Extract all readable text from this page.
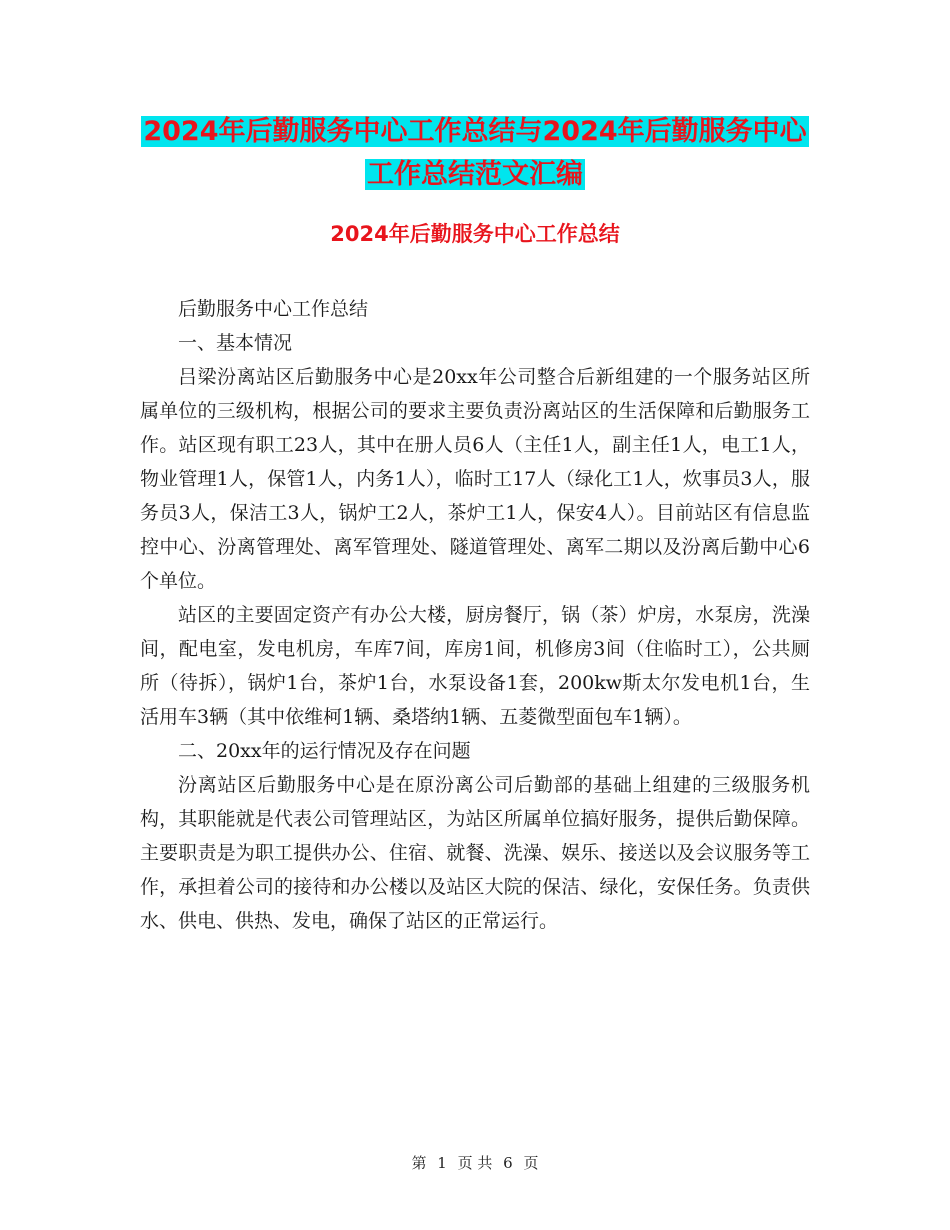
2024年后勤服务中心工作总结与2024年后勤服务中心
工作总结范文汇编
2024年后勤服务中心工作总结

后勤服务中心工作总结

一、基本情况

吕梁汾离站区后勤服务中心是20xx年公司整合后新组建的一个服务站区所属单位的三级机构，根据公司的要求主要负责汾离站区的生活保障和后勤服务工作。站区现有职工23人，其中在册人员6人（主任1人，副主任1人，电工1人，物业管理1人，保管1人，内务1人），临时工17人（绿化工1人，炊事员3人，服务员3人，保洁工3人，锅炉工2人，茶炉工1人，保安4人）。目前站区有信息监控中心、汾离管理处、离军管理处、隧道管理处、离军二期以及汾离后勤中心6个单位。

站区的主要固定资产有办公大楼，厨房餐厅，锅（茶）炉房，水泵房，洗澡间，配电室，发电机房，车库7间，库房1间，机修房3间（住临时工），公共厕所（待拆），锅炉1台，茶炉1台，水泵设备1套，200kw斯太尔发电机1台，生活用车3辆（其中依维柯1辆、桑塔纳1辆、五菱微型面包车1辆）。

二、20xx年的运行情况及存在问题

汾离站区后勤服务中心是在原汾离公司后勤部的基础上组建的三级服务机构，其职能就是代表公司管理站区，为站区所属单位搞好服务，提供后勤保障。主要职责是为职工提供办公、住宿、就餐、洗澡、娱乐、接送以及会议服务等工作，承担着公司的接待和办公楼以及站区大院的保洁、绿化，安保任务。负责供水、供电、供热、发电，确保了站区的正常运行。

第 1 页 共 6 页
